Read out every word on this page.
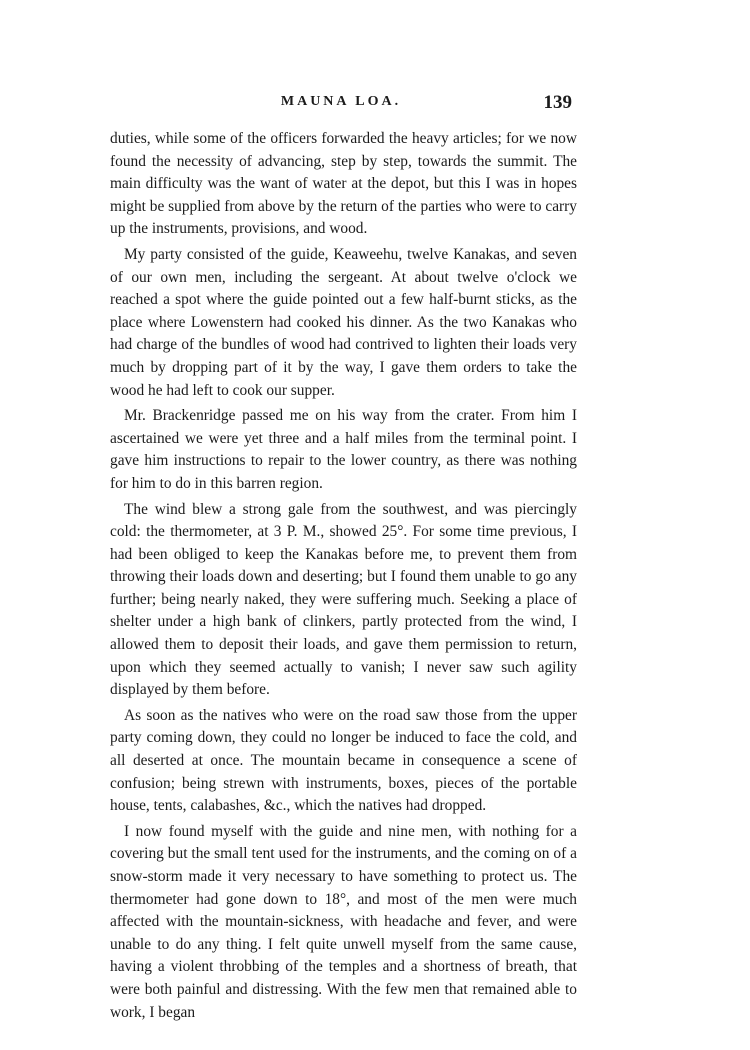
MAUNA LOA.	139

duties, while some of the officers forwarded the heavy articles; for we now found the necessity of advancing, step by step, towards the summit. The main difficulty was the want of water at the depot, but this I was in hopes might be supplied from above by the return of the parties who were to carry up the instruments, provisions, and wood.

My party consisted of the guide, Keaweehu, twelve Kanakas, and seven of our own men, including the sergeant. At about twelve o'clock we reached a spot where the guide pointed out a few half-burnt sticks, as the place where Lowenstern had cooked his dinner. As the two Kanakas who had charge of the bundles of wood had contrived to lighten their loads very much by dropping part of it by the way, I gave them orders to take the wood he had left to cook our supper.

Mr. Brackenridge passed me on his way from the crater. From him I ascertained we were yet three and a half miles from the terminal point. I gave him instructions to repair to the lower country, as there was nothing for him to do in this barren region.

The wind blew a strong gale from the southwest, and was piercingly cold: the thermometer, at 3 P. M., showed 25°. For some time previous, I had been obliged to keep the Kanakas before me, to prevent them from throwing their loads down and deserting; but I found them unable to go any further; being nearly naked, they were suffering much. Seeking a place of shelter under a high bank of clinkers, partly protected from the wind, I allowed them to deposit their loads, and gave them permission to return, upon which they seemed actually to vanish; I never saw such agility displayed by them before.

As soon as the natives who were on the road saw those from the upper party coming down, they could no longer be induced to face the cold, and all deserted at once. The mountain became in consequence a scene of confusion; being strewn with instruments, boxes, pieces of the portable house, tents, calabashes, &c., which the natives had dropped.

I now found myself with the guide and nine men, with nothing for a covering but the small tent used for the instruments, and the coming on of a snow-storm made it very necessary to have something to protect us. The thermometer had gone down to 18°, and most of the men were much affected with the mountain-sickness, with headache and fever, and were unable to do any thing. I felt quite unwell myself from the same cause, having a violent throbbing of the temples and a shortness of breath, that were both painful and distressing. With the few men that remained able to work, I began
